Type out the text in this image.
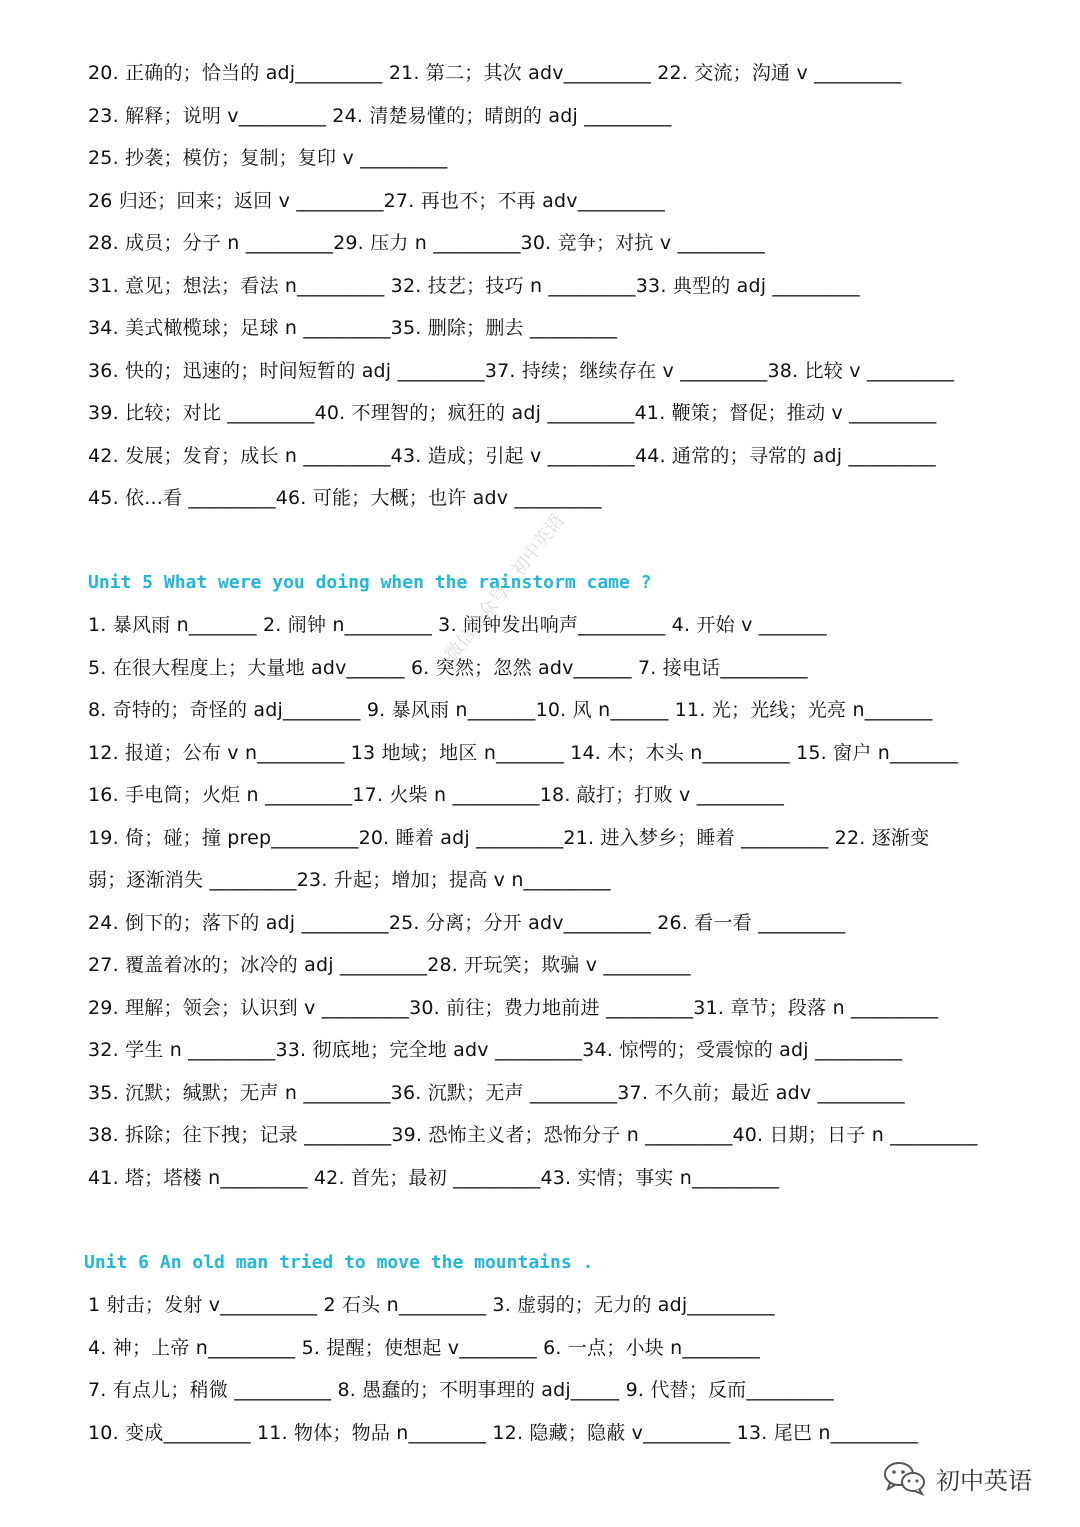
20. 正确的；恰当的 adj_________ 21. 第二；其次 adv_________ 22. 交流；沟通 v _________
23. 解释；说明 v_________ 24. 清楚易懂的；晴朗的 adj _________
25. 抄袭；模仿；复制；复印 v _________
26 归还；回来；返回 v _________27. 再也不；不再 adv_________
28. 成员；分子 n _________29. 压力 n _________30. 竞争；对抗 v _________
31. 意见；想法；看法 n_________ 32. 技艺；技巧 n _________33. 典型的 adj _________
34. 美式橄榄球；足球 n _________35. 删除；删去 _________
36. 快的；迅速的；时间短暂的 adj _________37. 持续；继续存在 v _________38. 比较 v _________
39. 比较；对比 _________40. 不理智的；疯狂的 adj _________41. 鞭策；督促；推动 v _________
42. 发展；发育；成长 n _________43. 造成；引起 v _________44. 通常的；寻常的 adj _________
45. 依...看 _________46. 可能；大概；也许 adv _________
Unit 5 What were you doing when the rainstorm came ?
1. 暴风雨 n_______ 2. 闹钟 n_________ 3. 闹钟发出响声_________ 4. 开始 v _______
5. 在很大程度上；大量地 adv______ 6. 突然；忽然 adv______ 7. 接电话_________
8. 奇特的；奇怪的 adj________ 9. 暴风雨 n_______10. 风 n______ 11. 光；光线；光亮 n_______
12. 报道；公布 v n_________ 13 地域；地区 n_______ 14. 木；木头 n_________ 15. 窗户 n_______
16. 手电筒；火炬 n _________17. 火柴 n _________18. 敲打；打败 v _________
19. 倚；碰；撞 prep_________20. 睡着 adj _________21. 进入梦乡；睡着 _________ 22. 逐渐变
弱；逐渐消失 _________23. 升起；增加；提高 v n_________
24. 倒下的；落下的 adj _________25. 分离；分开 adv_________ 26. 看一看 _________
27. 覆盖着冰的；冰冷的 adj _________28. 开玩笑；欺骗 v _________
29. 理解；领会；认识到 v _________30. 前往；费力地前进 _________31. 章节；段落 n _________
32. 学生 n _________33. 彻底地；完全地 adv _________34. 惊愕的；受震惊的 adj _________
35. 沉默；缄默；无声 n _________36. 沉默；无声 _________37. 不久前；最近 adv _________
38. 拆除；往下拽；记录 _________39. 恐怖主义者；恐怖分子 n _________40. 日期；日子 n _________
41. 塔；塔楼 n_________ 42. 首先；最初 _________43. 实情；事实 n_________
Unit 6 An old man tried to move the mountains .
1 射击；发射 v__________ 2 石头 n_________ 3. 虚弱的；无力的 adj_________
4. 神；上帝 n_________ 5. 提醒；使想起 v________ 6. 一点；小块 n________
7. 有点儿；稍微 __________ 8. 愚蠢的；不明事理的 adj_____ 9. 代替；反而_________
10. 变成_________ 11. 物体；物品 n________ 12. 隐藏；隐蔽 v_________ 13. 尾巴 n_________
微信公众号：初中英语
初中英语
